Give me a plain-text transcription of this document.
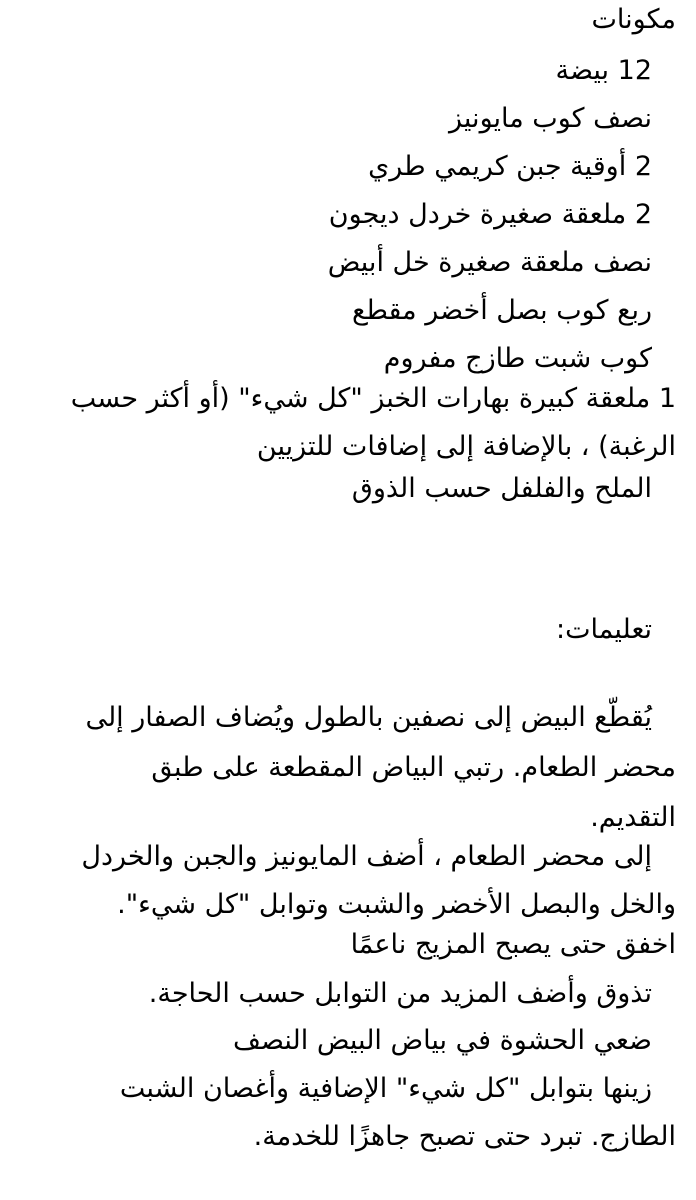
مكونات
12 بيضة
نصف كوب مايونيز
2 أوقية جبن كريمي طري
2 ملعقة صغيرة خردل ديجون
نصف ملعقة صغيرة خل أبيض
ربع كوب بصل أخضر مقطع
كوب شبت طازج مفروم
1 ملعقة كبيرة بهارات الخبز "كل شيء" (أو أكثر حسب
الرغبة) ، بالإضافة إلى إضافات للتزيين
الملح والفلفل حسب الذوق
تعليمات:
يُقطّع البيض إلى نصفين بالطول ويُضاف الصفار إلى
محضر الطعام. رتبي البياض المقطعة على طبق
التقديم.
إلى محضر الطعام ، أضف المايونيز والجبن والخردل
والخل والبصل الأخضر والشبت وتوابل "كل شيء".
اخفق حتى يصبح المزيج ناعمًا
تذوق وأضف المزيد من التوابل حسب الحاجة.
ضعي الحشوة في بياض البيض النصف
زينها بتوابل "كل شيء" الإضافية وأغصان الشبت
الطازج. تبرد حتى تصبح جاهزًا للخدمة.
